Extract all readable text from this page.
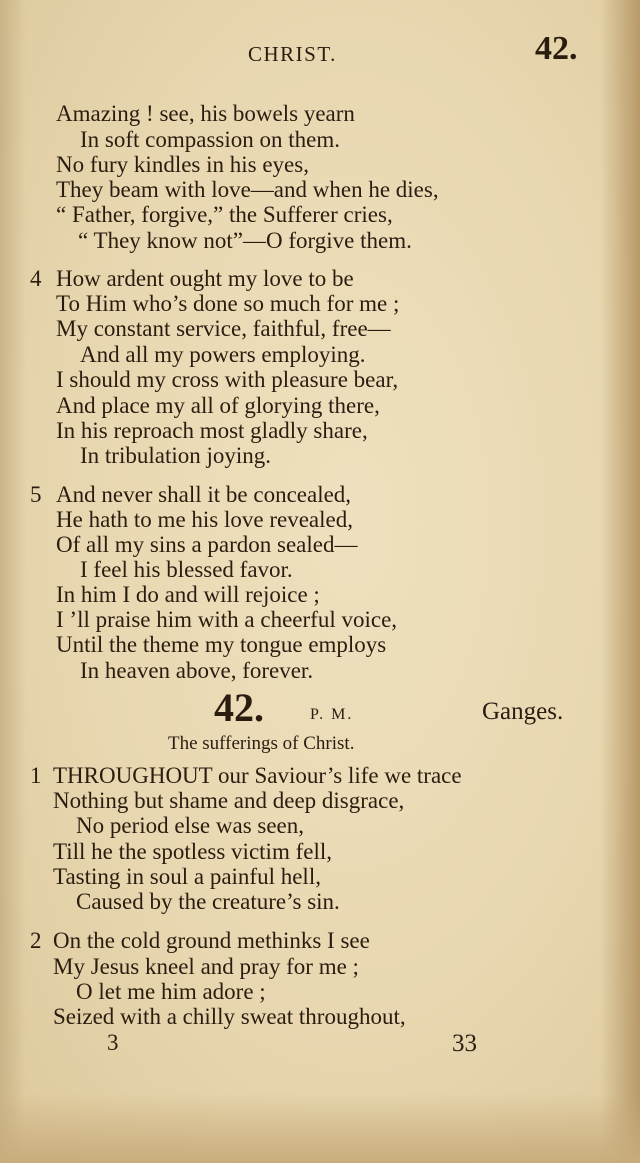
CHRIST.	42.
Amazing ! see, his bowels yearn
In soft compassion on them.
No fury kindles in his eyes,
They beam with love—and when he dies,
“ Father, forgive,” the Sufferer cries,
“ They know not”—O forgive them.
4 How ardent ought my love to be
To Him who’s done so much for me ;
My constant service, faithful, free—
And all my powers employing.
I should my cross with pleasure bear,
And place my all of glorying there,
In his reproach most gladly share,
In tribulation joying.
5 And never shall it be concealed,
He hath to me his love revealed,
Of all my sins a pardon sealed—
I feel his blessed favor.
In him I do and will rejoice ;
I ’ll praise him with a cheerful voice,
Until the theme my tongue employs
In heaven above, forever.
42.	P. M.	Ganges.
The sufferings of Christ.
1 THROUGHOUT our Saviour’s life we trace
Nothing but shame and deep disgrace,
No period else was seen,
Till he the spotless victim fell,
Tasting in soul a painful hell,
Caused by the creature’s sin.
2 On the cold ground methinks I see
My Jesus kneel and pray for me ;
O let me him adore ;
Seized with a chilly sweat throughout,
3	33
